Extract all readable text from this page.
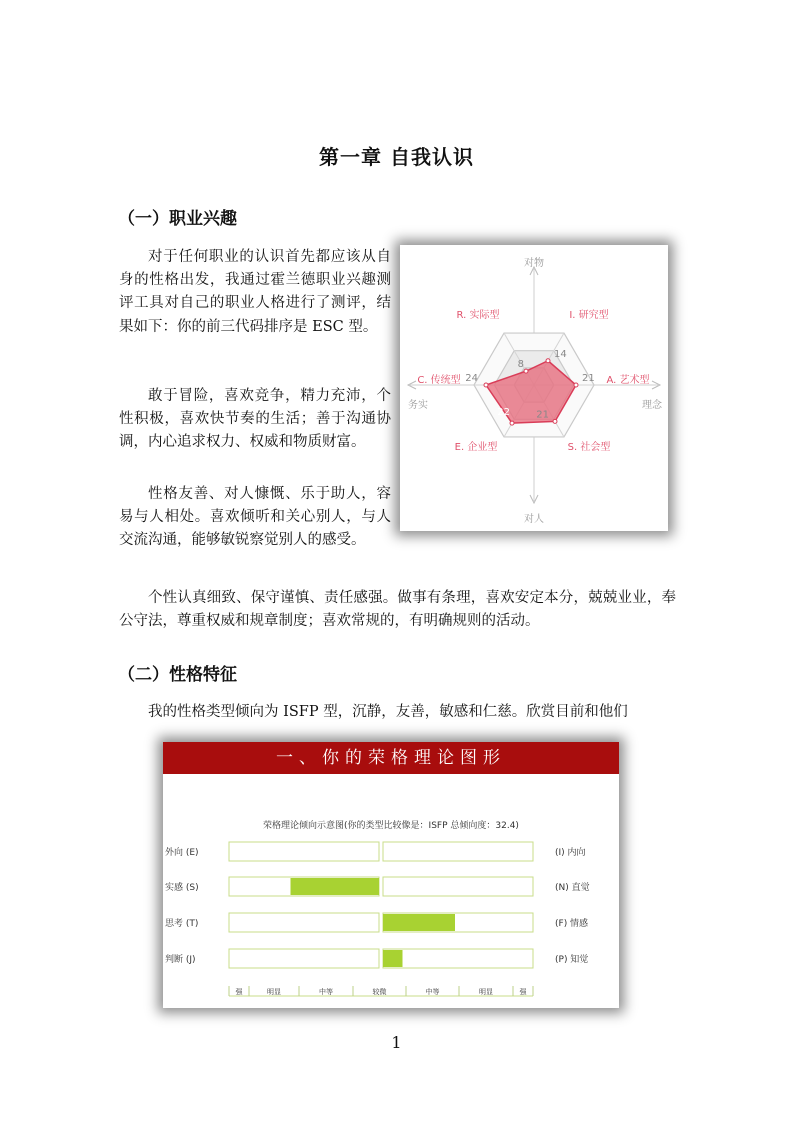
第一章 自我认识
（一）职业兴趣

对于任何职业的认识首先都应该从自身的性格出发，我通过霍兰德职业兴趣测评工具对自己的职业人格进行了测评，结果如下：你的前三代码排序是 ESC 型。

敢于冒险，喜欢竞争，精力充沛，个性积极，喜欢快节奏的生活；善于沟通协调，内心追求权力、权威和物质财富。

性格友善、对人慷慨、乐于助人，容易与人相处。喜欢倾听和关心别人，与人交流沟通，能够敏锐察觉别人的感受。

个性认真细致、保守谨慎、责任感强。做事有条理，喜欢安定本分，兢兢业业，奉公守法，尊重权威和规章制度；喜欢常规的，有明确规则的活动。

14
21
21
22
24
8
I. 研究型
A. 艺术型
S. 社会型
E. 企业型
C. 传统型
R. 实际型
对物
对人
务实	理念
（二）性格特征

我的性格类型倾向为 ISFP 型，沉静，友善，敏感和仁慈。欣赏目前和他们

一、你的荣格理论图形
荣格理论倾向示意图(你的类型比较像是：ISFP 总倾向度：32.4)
外向 (E)	(I) 内向
实感 (S)	(N) 直觉
思考 (T)	(F) 情感
判断 (J)	(P) 知觉
强	明显	中等	较微	中等	明显	强
1
